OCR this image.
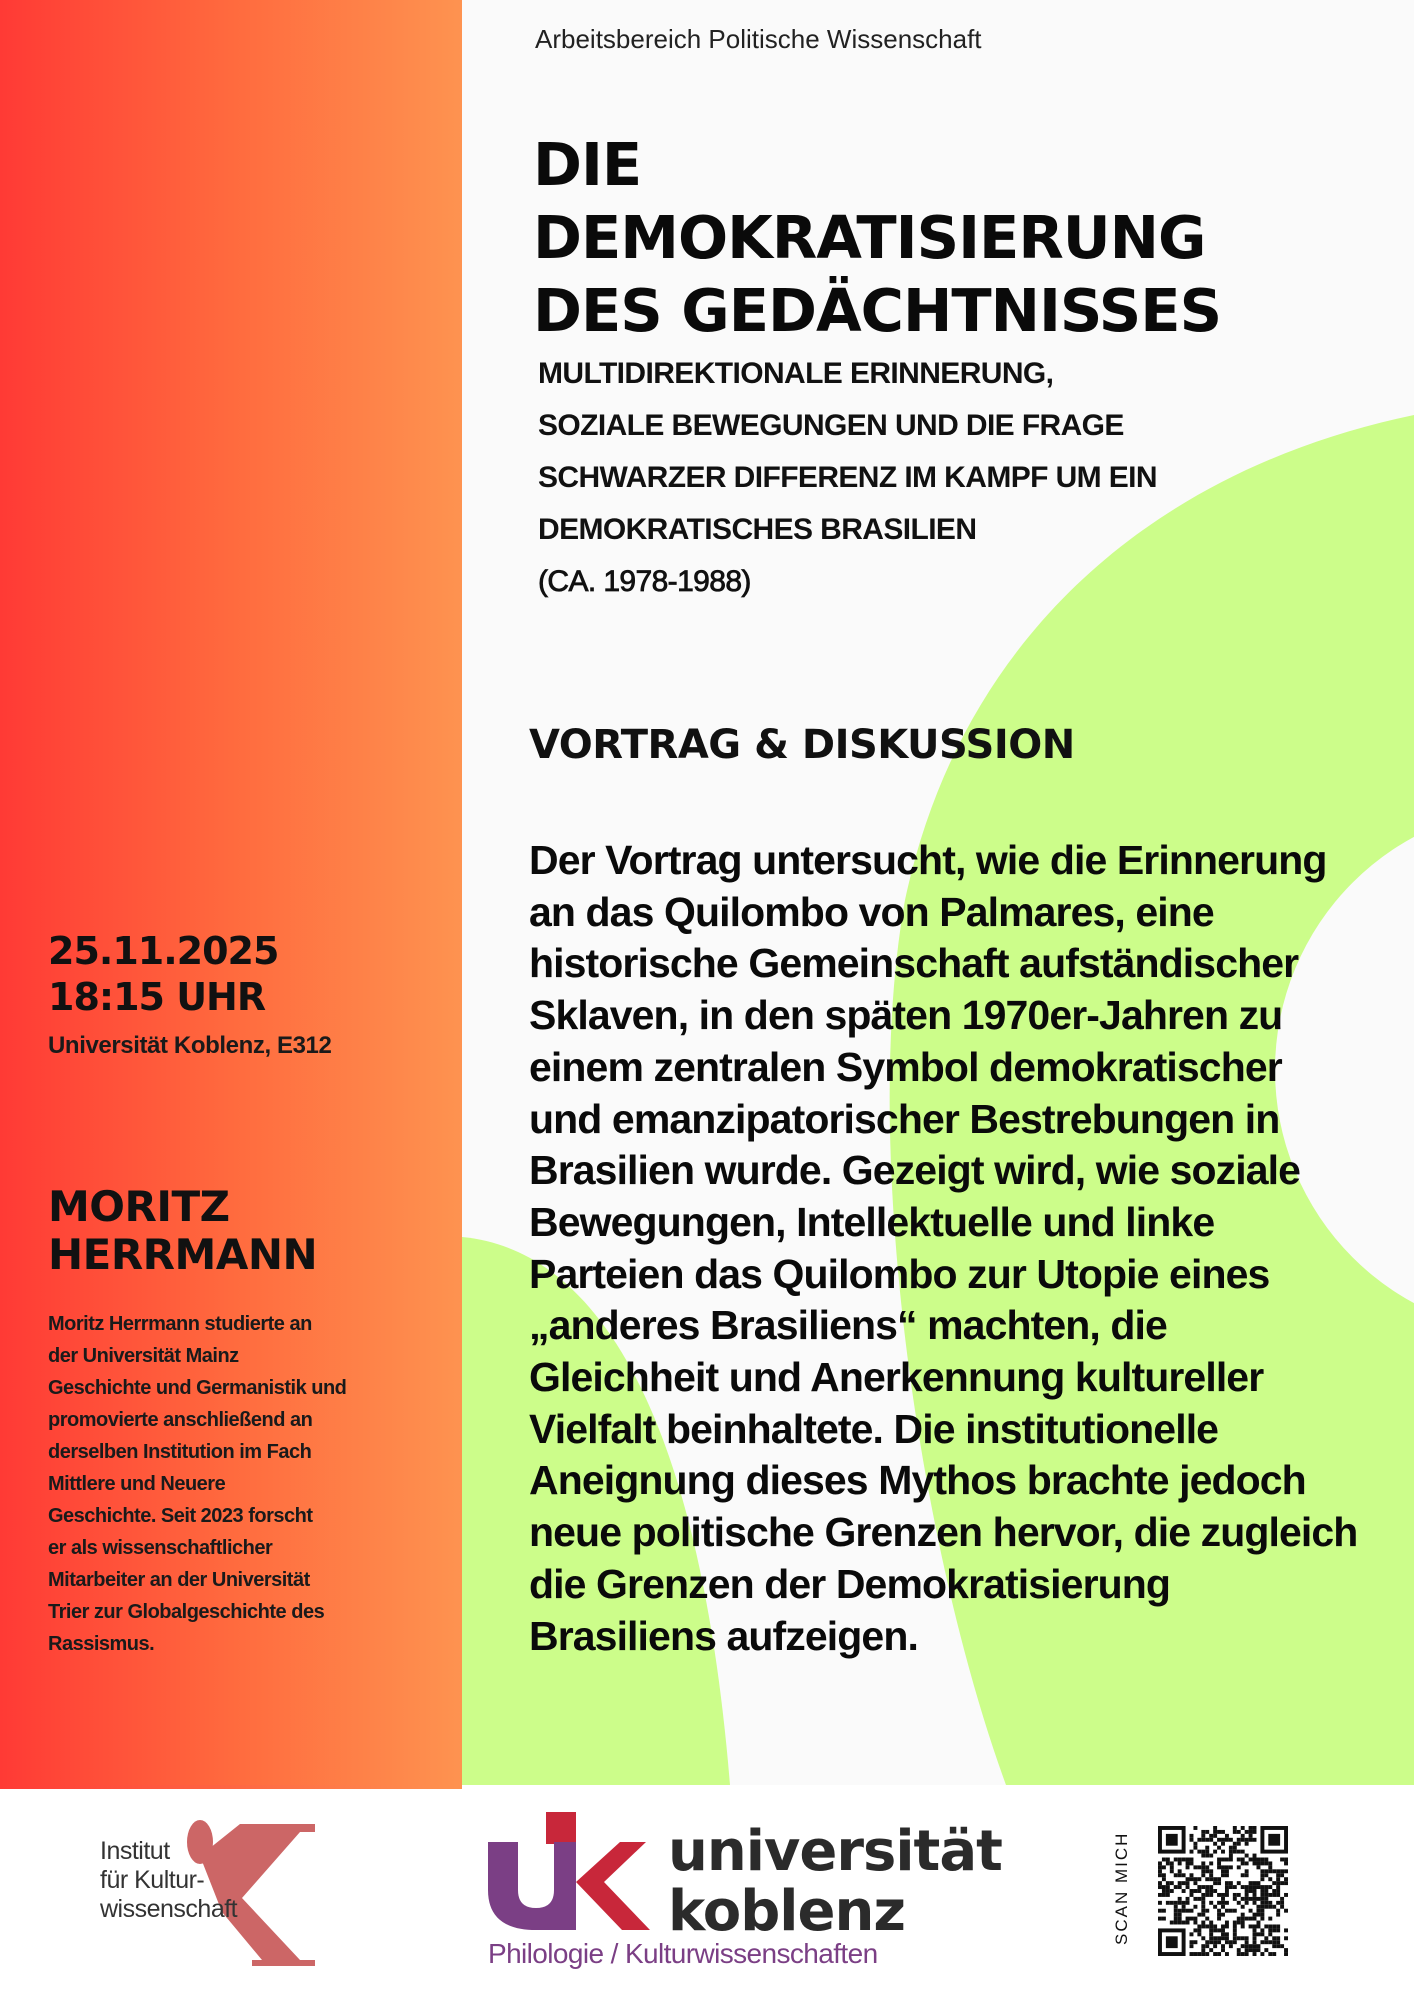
Arbeitsbereich Politische Wissenschaft
DIE
DEMOKRATISIERUNG
DES GEDÄCHTNISSES
MULTIDIREKTIONALE ERINNERUNG,
SOZIALE BEWEGUNGEN UND DIE FRAGE
SCHWARZER DIFFERENZ IM KAMPF UM EIN
DEMOKRATISCHES BRASILIEN
(CA. 1978-1988)
VORTRAG & DISKUSSION
Der Vortrag untersucht, wie die Erinnerung
an das Quilombo von Palmares, eine
historische Gemeinschaft aufständischer
Sklaven, in den späten 1970er-Jahren zu
einem zentralen Symbol demokratischer
und emanzipatorischer Bestrebungen in
Brasilien wurde. Gezeigt wird, wie soziale
Bewegungen, Intellektuelle und linke
Parteien das Quilombo zur Utopie eines
„anderes Brasiliens“ machten, die
Gleichheit und Anerkennung kultureller
Vielfalt beinhaltete. Die institutionelle
Aneignung dieses Mythos brachte jedoch
neue politische Grenzen hervor, die zugleich
die Grenzen der Demokratisierung
Brasiliens aufzeigen.
25.11.2025
18:15 UHR
Universität Koblenz, E312
MORITZ
HERRMANN
Moritz Herrmann studierte an
der Universität Mainz
Geschichte und Germanistik und
promovierte anschließend an
derselben Institution im Fach
Mittlere und Neuere
Geschichte. Seit 2023 forscht
er als wissenschaftlicher
Mitarbeiter an der Universität
Trier zur Globalgeschichte des
Rassismus.
Institut
für Kultur-
wissenschaft
universität
koblenz
Philologie / Kulturwissenschaften
SCAN MICH
